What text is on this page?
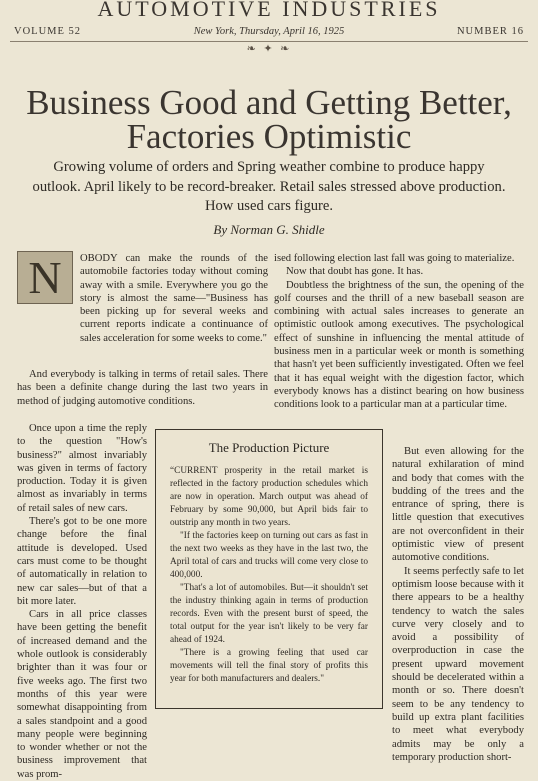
AUTOMOTIVE INDUSTRIES
VOLUME 52	New York, Thursday, April 16, 1925	NUMBER 16
❧ ✦ ❧
Business Good and Getting Better,
Factories Optimistic
Growing volume of orders and Spring weather combine to produce happy outlook. April likely to be record-breaker. Retail sales stressed above production. How used cars figure.
By Norman G. Shidle
N	OBODY can make the rounds of the automobile factories today without coming away with a smile. Everywhere you go the story is almost the same—"Business has been picking up for several weeks and current reports indicate a continuance of sales acceleration for some weeks to come."

And everybody is talking in terms of retail sales. There has been a definite change during the last two years in method of judging automotive conditions.

Once upon a time the reply to the question "How's business?" almost invariably was given in terms of factory production. Today it is given almost as invariably in terms of retail sales of new cars.

There's got to be one more change before the final attitude is developed. Used cars must come to be thought of automatically in relation to new car sales—but of that a bit more later.

Cars in all price classes have been getting the benefit of increased demand and the whole outlook is considerably brighter than it was four or five weeks ago. The first two months of this year were somewhat disappointing from a sales standpoint and a good many people were beginning to wonder whether or not the business improvement that was prom-

ised following election last fall was going to materialize.

Now that doubt has gone. It has.

Doubtless the brightness of the sun, the opening of the golf courses and the thrill of a new baseball season are combining with actual sales increases to generate an optimistic outlook among executives. The psychological effect of sunshine in influencing the mental attitude of business men in a particular week or month is something that hasn't yet been sufficiently investigated. Often we feel that it has equal weight with the digestion factor, which everybody knows has a distinct bearing on how business conditions look to a particular man at a particular time.

But even allowing for the natural exhilaration of mind and body that comes with the budding of the trees and the entrance of spring, there is little question that executives are not overconfident in their optimistic view of present automotive conditions.

It seems perfectly safe to let optimism loose because with it there appears to be a healthy tendency to watch the sales curve very closely and to avoid a possibility of overproduction in case the present upward movement should be decelerated within a month or so. There doesn't seem to be any tendency to build up extra plant facilities to meet what everybody admits may be only a temporary production short-

The Production Picture

“CURRENT prosperity in the retail market is reflected in the factory production schedules which are now in operation. March output was ahead of February by some 90,000, but April bids fair to outstrip any month in two years.

"If the factories keep on turning out cars as fast in the next two weeks as they have in the last two, the April total of cars and trucks will come very close to 400,000.

"That's a lot of automobiles. But—it shouldn't set the industry thinking again in terms of production records. Even with the present burst of speed, the total output for the year isn't likely to be very far ahead of 1924.

"There is a growing feeling that used car movements will tell the final story of profits this year for both manufacturers and dealers."
